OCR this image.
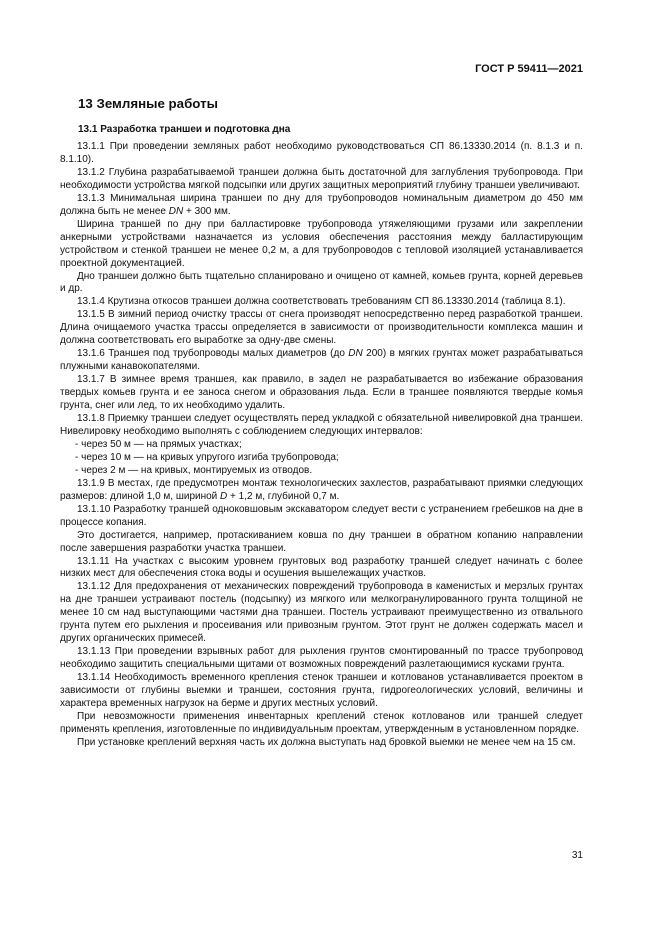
ГОСТ Р 59411—2021
13 Земляные работы
13.1 Разработка траншеи и подготовка дна

13.1.1 При проведении земляных работ необходимо руководствоваться СП 86.13330.2014 (п. 8.1.3 и п. 8.1.10).

13.1.2 Глубина разрабатываемой траншеи должна быть достаточной для заглубления трубопровода. При необходимости устройства мягкой подсыпки или других защитных мероприятий глубину траншеи увеличивают.

13.1.3 Минимальная ширина траншеи по дну для трубопроводов номинальным диаметром до 450 мм должна быть не менее DN + 300 мм.

Ширина траншей по дну при балластировке трубопровода утяжеляющими грузами или закреплении анкерными устройствами назначается из условия обеспечения расстояния между балластирующим устройством и стенкой траншеи не менее 0,2 м, а для трубопроводов с тепловой изоляцией устанавливается проектной документацией.

Дно траншеи должно быть тщательно спланировано и очищено от камней, комьев грунта, корней деревьев и др.

13.1.4 Крутизна откосов траншеи должна соответствовать требованиям СП 86.13330.2014 (таблица 8.1).

13.1.5 В зимний период очистку трассы от снега производят непосредственно перед разработкой траншеи. Длина очищаемого участка трассы определяется в зависимости от производительности комплекса машин и должна соответствовать его выработке за одну-две смены.

13.1.6 Траншея под трубопроводы малых диаметров (до DN 200) в мягких грунтах может разрабатываться плужными канавокопателями.

13.1.7 В зимнее время траншея, как правило, в задел не разрабатывается во избежание образования твердых комьев грунта и ее заноса снегом и образования льда. Если в траншее появляются твердые комья грунта, снег или лед, то их необходимо удалить.

13.1.8 Приемку траншеи следует осуществлять перед укладкой с обязательной нивелировкой дна траншеи. Нивелировку необходимо выполнять с соблюдением следующих интервалов:

- через 50 м — на прямых участках;
- через 10 м — на кривых упругого изгиба трубопровода;
- через 2 м — на кривых, монтируемых из отводов.

13.1.9 В местах, где предусмотрен монтаж технологических захлестов, разрабатывают приямки следующих размеров: длиной 1,0 м, шириной D + 1,2 м, глубиной 0,7 м.

13.1.10 Разработку траншей одноковшовым экскаватором следует вести с устранением гребешков на дне в процессе копания.

Это достигается, например, протаскиванием ковша по дну траншеи в обратном копанию направлении после завершения разработки участка траншеи.

13.1.11 На участках с высоким уровнем грунтовых вод разработку траншей следует начинать с более низких мест для обеспечения стока воды и осушения вышележащих участков.

13.1.12 Для предохранения от механических повреждений трубопровода в каменистых и мерзлых грунтах на дне траншеи устраивают постель (подсыпку) из мягкого или мелкогранулированного грунта толщиной не менее 10 см над выступающими частями дна траншеи. Постель устраивают преимущественно из отвального грунта путем его рыхления и просеивания или привозным грунтом. Этот грунт не должен содержать масел и других органических примесей.

13.1.13 При проведении взрывных работ для рыхления грунтов смонтированный по трассе трубопровод необходимо защитить специальными щитами от возможных повреждений разлетающимися кусками грунта.

13.1.14 Необходимость временного крепления стенок траншеи и котлованов устанавливается проектом в зависимости от глубины выемки и траншеи, состояния грунта, гидрогеологических условий, величины и характера временных нагрузок на берме и других местных условий.

При невозможности применения инвентарных креплений стенок котлованов или траншей следует применять крепления, изготовленные по индивидуальным проектам, утвержденным в установленном порядке.

При установке креплений верхняя часть их должна выступать над бровкой выемки не менее чем на 15 см.

31
